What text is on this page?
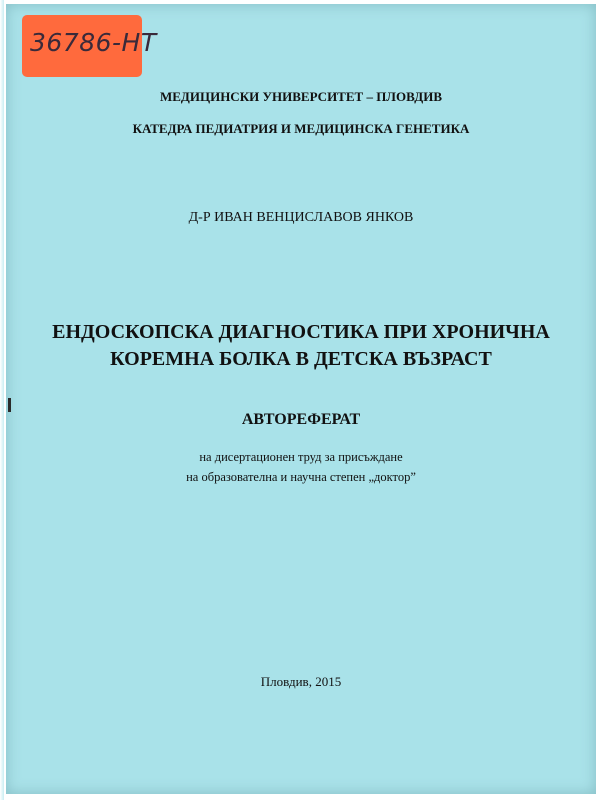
36786-НТ
МЕДИЦИНСКИ УНИВЕРСИТЕТ – ПЛОВДИВ
КАТЕДРА ПЕДИАТРИЯ И МЕДИЦИНСКА ГЕНЕТИКА
Д-Р ИВАН ВЕНЦИСЛАВОВ ЯНКОВ
ЕНДОСКОПСКА ДИАГНОСТИКА ПРИ ХРОНИЧНА
КОРЕМНА БОЛКА В ДЕТСКА ВЪЗРАСТ
АВТОРЕФЕРАТ
на дисертационен труд за присъждане
на образователна и научна степен „доктор”
Пловдив, 2015
